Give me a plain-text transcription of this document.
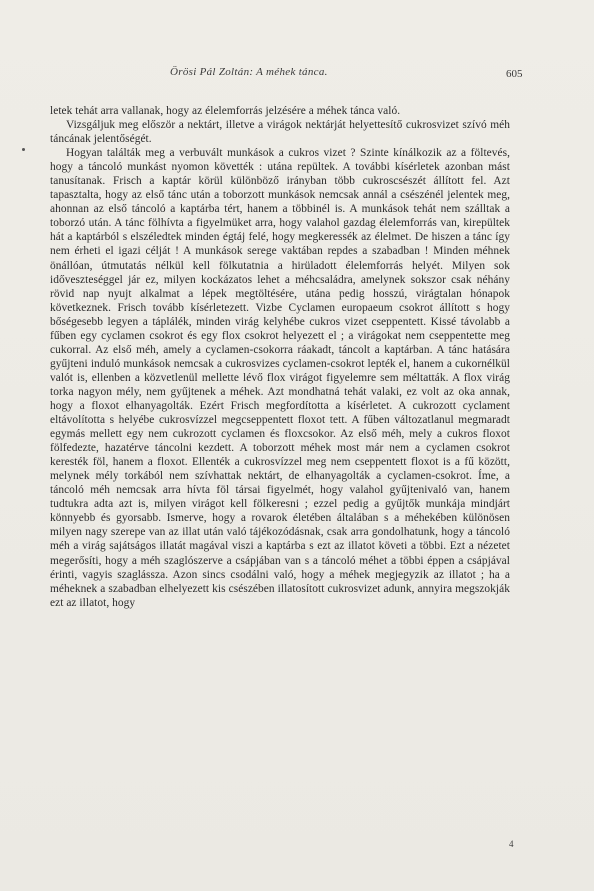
Örösi Pál Zoltán: A méhek tánca.	605

letek tehát arra vallanak, hogy az élelemforrás jelzésére a méhek tánca való.

Vizsgáljuk meg először a nektárt, illetve a virágok nektárját helyettesítő cukrosvizet szívó méh táncának jelentőségét.

Hogyan találták meg a verbuvált munkások a cukros vizet ? Szinte kínálkozik az a föltevés, hogy a táncoló munkást nyomon követték : utána repültek. A további kísérletek azonban mást tanusítanak. Frisch a kaptár körül különböző irányban több cukroscsészét állított fel. Azt tapasztalta, hogy az első tánc után a toborzott munkások nemcsak annál a csészénél jelentek meg, ahonnan az első táncoló a kaptárba tért, hanem a többinél is. A munkások tehát nem szálltak a toborzó után. A tánc fölhívta a figyelmüket arra, hogy valahol gazdag élelemforrás van, kirepültek hát a kaptárból s elszéledtek minden égtáj felé, hogy megkeressék az élelmet. De hiszen a tánc így nem érheti el igazi célját ! A munkások serege vaktában repdes a szabadban ! Minden méhnek önállóan, útmutatás nélkül kell fölkutatnia a hirüladott élelemforrás helyét. Milyen sok időveszteséggel jár ez, milyen kockázatos lehet a méhcsaládra, amelynek sokszor csak néhány rövid nap nyujt alkalmat a lépek megtöltésére, utána pedig hosszú, virágtalan hónapok következnek. Frisch tovább kísérletezett. Vizbe Cyclamen europaeum csokrot állított s hogy bőségesebb legyen a táplálék, minden virág kelyhébe cukros vizet cseppentett. Kissé távolabb a fűben egy cyclamen csokrot és egy flox csokrot helyezett el ; a virágokat nem cseppentette meg cukorral. Az első méh, amely a cyclamen-csokorra ráakadt, táncolt a kaptárban. A tánc hatására gyűjteni induló munkások nemcsak a cukrosvizes cyclamen-csokrot lepték el, hanem a cukornélkül valót is, ellenben a közvetlenül mellette lévő flox virágot figyelemre sem méltatták. A flox virág torka nagyon mély, nem gyűjtenek a méhek. Azt mondhatná tehát valaki, ez volt az oka annak, hogy a floxot elhanyagolták. Ezért Frisch megfordította a kísérletet. A cukrozott cyclament eltávolította s helyébe cukrosvízzel megcseppentett floxot tett. A fűben változatlanul megmaradt egymás mellett egy nem cukrozott cyclamen és floxcsokor. Az első méh, mely a cukros floxot fölfedezte, hazatérve táncolni kezdett. A toborzott méhek most már nem a cyclamen csokrot keresték föl, hanem a floxot. Ellenték a cukrosvízzel meg nem cseppentett floxot is a fű között, melynek mély torkából nem szívhattak nektárt, de elhanyagolták a cyclamen-csokrot. Íme, a táncoló méh nemcsak arra hívta föl társai figyelmét, hogy valahol gyűjtenivaló van, hanem tudtukra adta azt is, milyen virágot kell fölkeresni ; ezzel pedig a gyűjtők munkája mindjárt könnyebb és gyorsabb. Ismerve, hogy a rovarok életében általában s a méhekében különösen milyen nagy szerepe van az illat után való tájékozódásnak, csak arra gondolhatunk, hogy a táncoló méh a virág sajátságos illatát magával viszi a kaptárba s ezt az illatot követi a többi. Ezt a nézetet megerősíti, hogy a méh szaglószerve a csápjában van s a táncoló méhet a többi éppen a csápjával érinti, vagyis szaglássza. Azon sincs csodálni való, hogy a méhek megjegyzik az illatot ; ha a méheknek a szabadban elhelyezett kis csészében illatosított cukrosvizet adunk, annyira megszokják ezt az illatot, hogy

4
